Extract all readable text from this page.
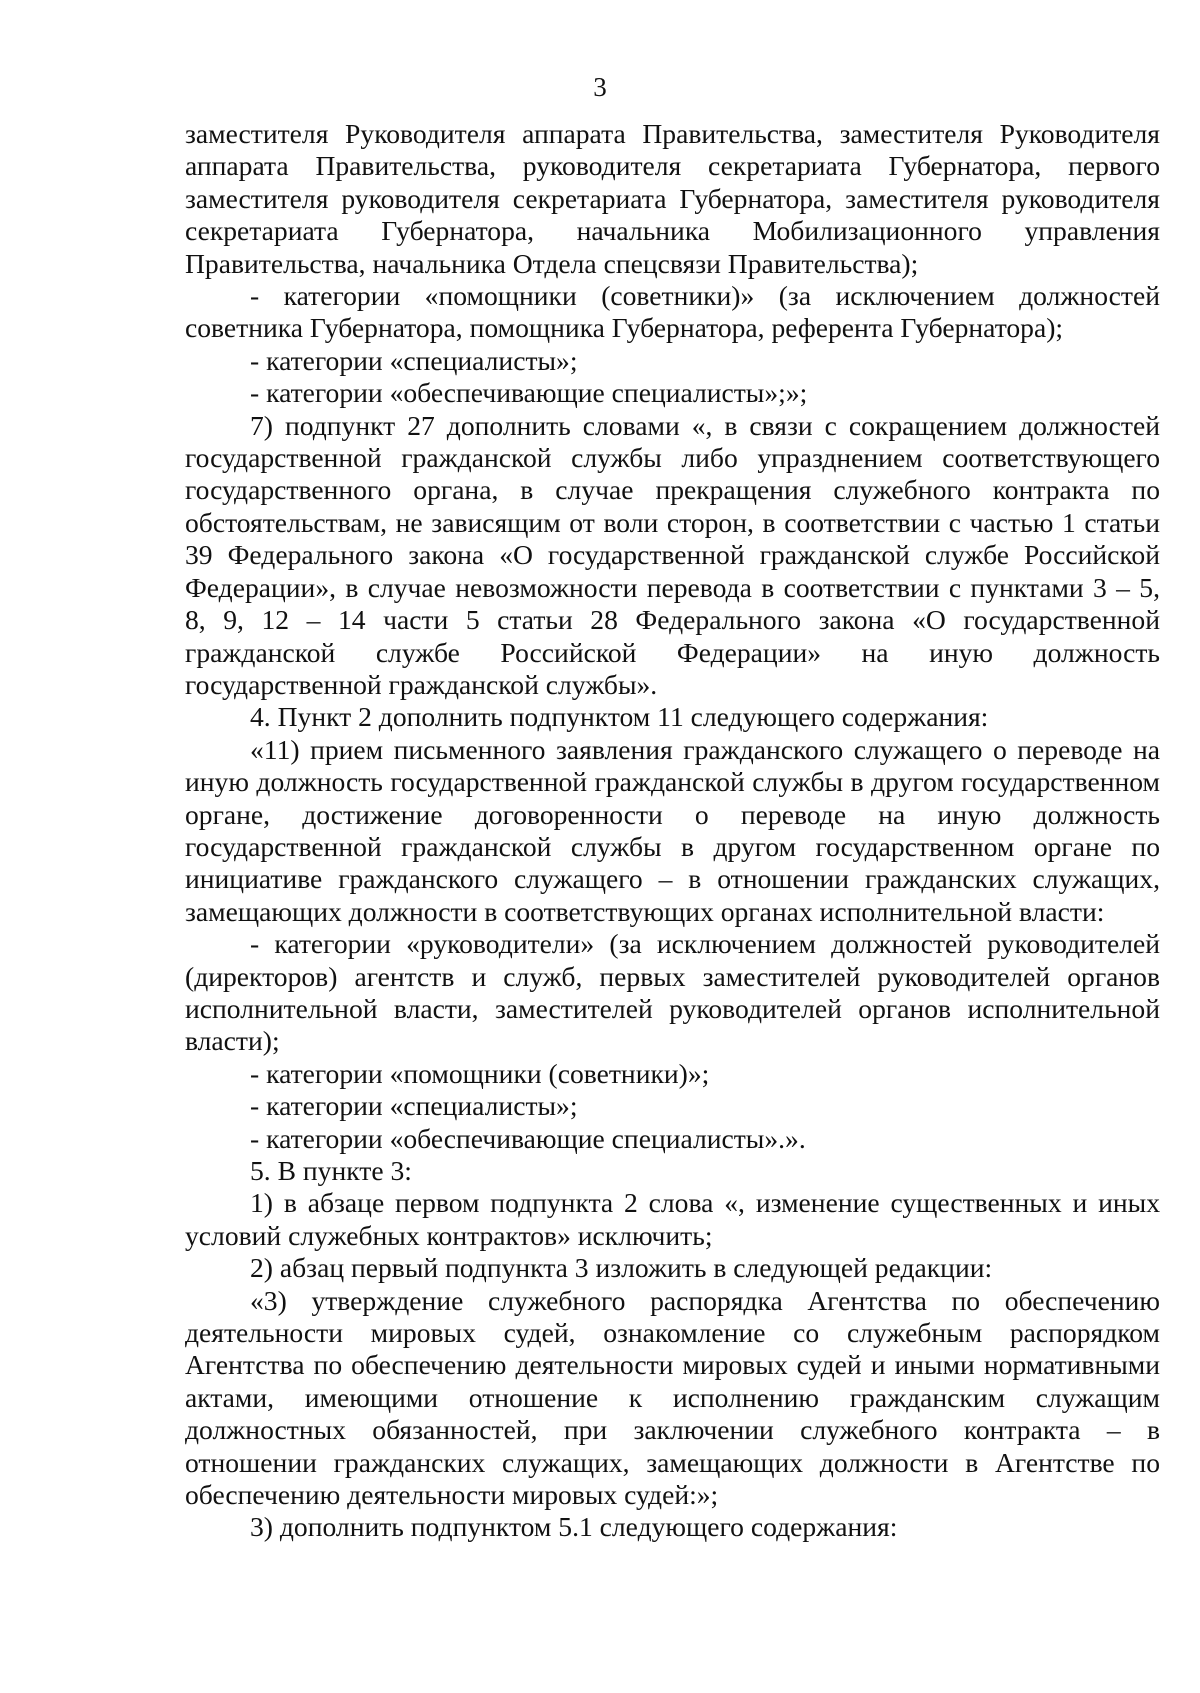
3

заместителя Руководителя аппарата Правительства, заместителя Руководителя аппарата Правительства, руководителя секретариата Губернатора, первого заместителя руководителя секретариата Губернатора, заместителя руководителя секретариата Губернатора, начальника Мобилизационного управления Правительства, начальника Отдела спецсвязи Правительства);

- категории «помощники (советники)» (за исключением должностей советника Губернатора, помощника Губернатора, референта Губернатора);

- категории «специалисты»;

- категории «обеспечивающие специалисты»;»;

7) подпункт 27 дополнить словами «, в связи с сокращением должностей государственной гражданской службы либо упразднением соответствующего государственного органа, в случае прекращения служебного контракта по обстоятельствам, не зависящим от воли сторон, в соответствии с частью 1 статьи 39 Федерального закона «О государственной гражданской службе Российской Федерации», в случае невозможности перевода в соответствии с пунктами 3 – 5, 8, 9, 12 – 14 части 5 статьи 28 Федерального закона «О государственной гражданской службе Российской Федерации» на иную должность государственной гражданской службы».

4. Пункт 2 дополнить подпунктом 11 следующего содержания:

«11) прием письменного заявления гражданского служащего о переводе на иную должность государственной гражданской службы в другом государственном органе, достижение договоренности о переводе на иную должность государственной гражданской службы в другом государственном органе по инициативе гражданского служащего – в отношении гражданских служащих, замещающих должности в соответствующих органах исполнительной власти:

- категории «руководители» (за исключением должностей руководителей (директоров) агентств и служб, первых заместителей руководителей органов исполнительной власти, заместителей руководителей органов исполнительной власти);

- категории «помощники (советники)»;

- категории «специалисты»;

- категории «обеспечивающие специалисты».».

5. В пункте 3:

1) в абзаце первом подпункта 2 слова «, изменение существенных и иных условий служебных контрактов» исключить;

2) абзац первый подпункта 3 изложить в следующей редакции:

«3) утверждение служебного распорядка Агентства по обеспечению деятельности мировых судей, ознакомление со служебным распорядком Агентства по обеспечению деятельности мировых судей и иными нормативными актами, имеющими отношение к исполнению гражданским служащим должностных обязанностей, при заключении служебного контракта – в отношении гражданских служащих, замещающих должности в Агентстве по обеспечению деятельности мировых судей:»;

3) дополнить подпунктом 5.1 следующего содержания:
